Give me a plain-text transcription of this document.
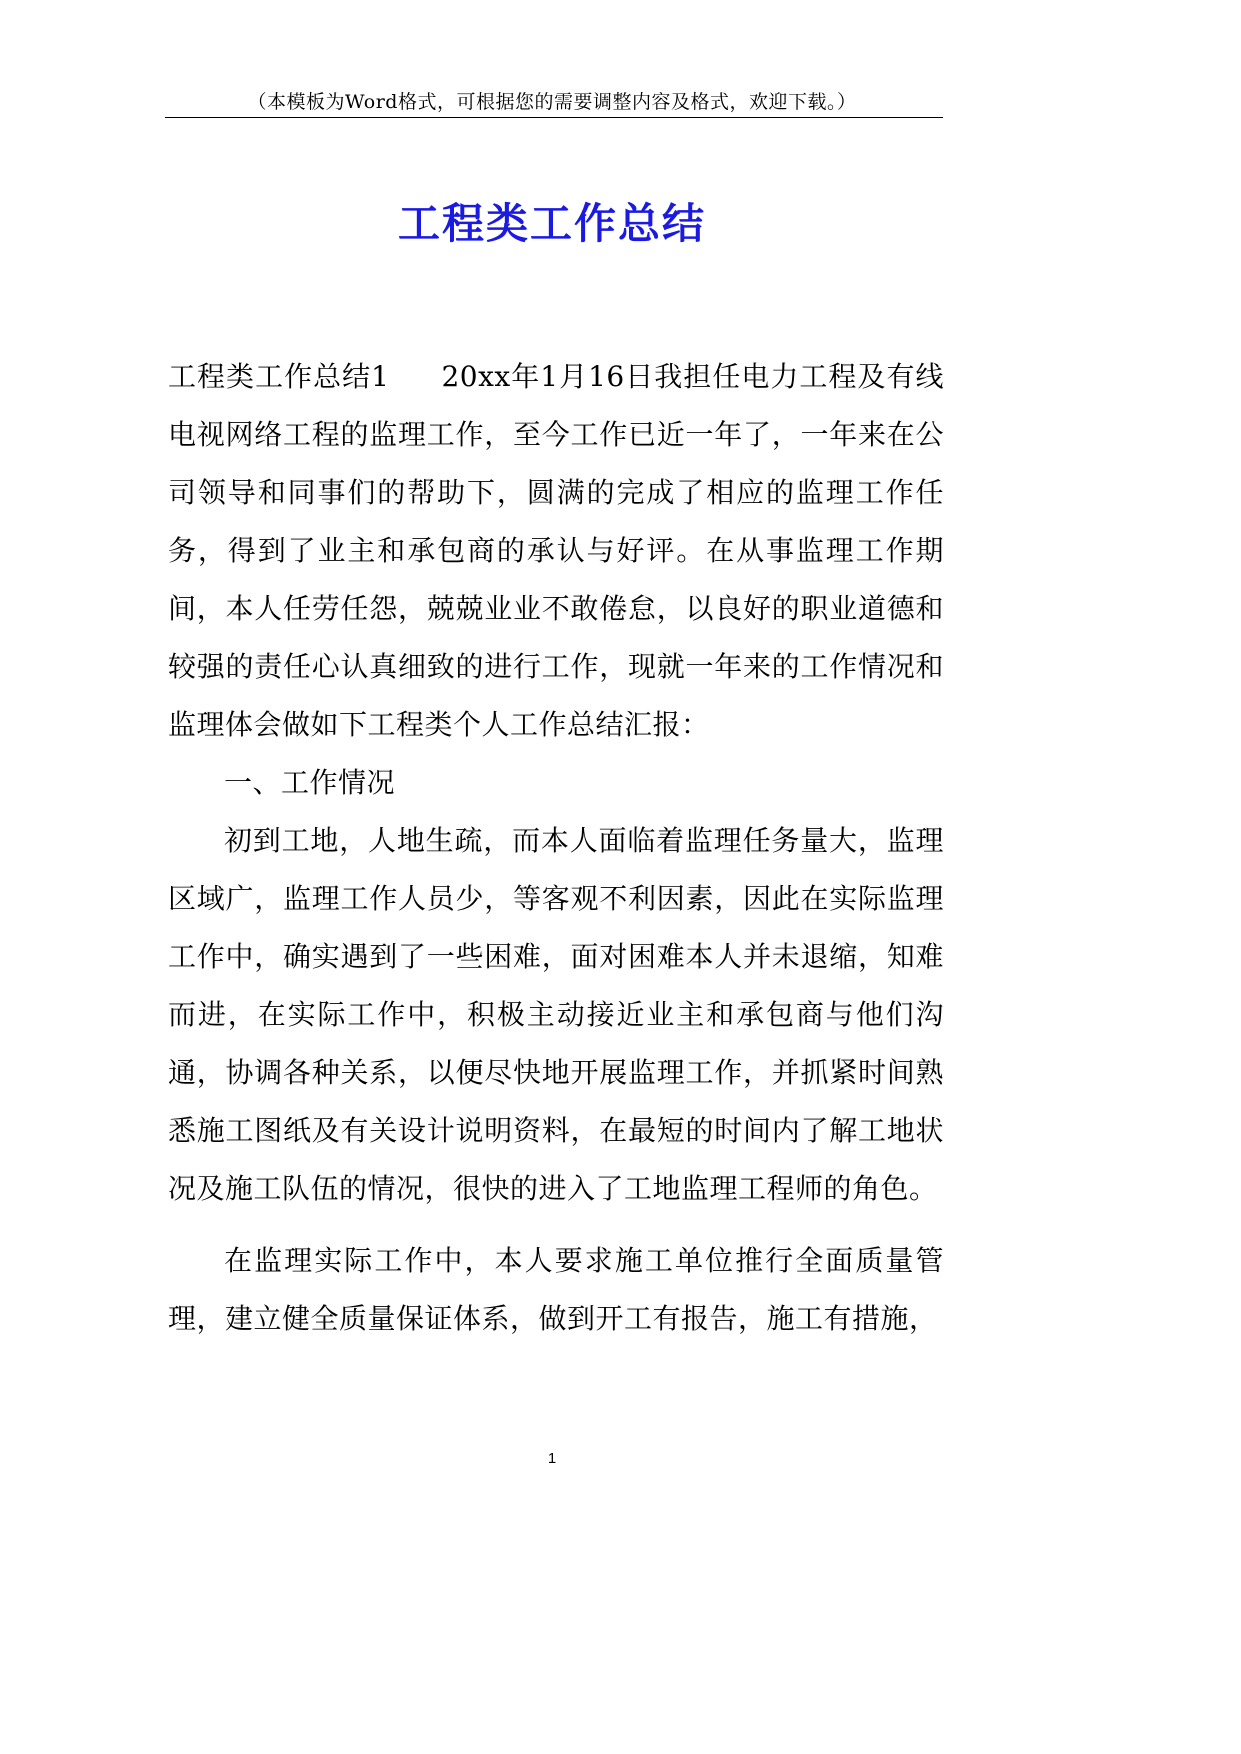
（本模板为Word格式，可根据您的需要调整内容及格式，欢迎下载。）
工程类工作总结

工程类工作总结1 20xx年1月16日我担任电力工程及有线电视网络工程的监理工作，至今工作已近一年了，一年来在公司领导和同事们的帮助下，圆满的完成了相应的监理工作任务，得到了业主和承包商的承认与好评。在从事监理工作期间，本人任劳任怨，兢兢业业不敢倦怠，以良好的职业道德和较强的责任心认真细致的进行工作，现就一年来的工作情况和监理体会做如下工程类个人工作总结汇报：

一、工作情况

初到工地，人地生疏，而本人面临着监理任务量大，监理区域广，监理工作人员少，等客观不利因素，因此在实际监理工作中，确实遇到了一些困难，面对困难本人并未退缩，知难而进，在实际工作中，积极主动接近业主和承包商与他们沟通，协调各种关系，以便尽快地开展监理工作，并抓紧时间熟悉施工图纸及有关设计说明资料，在最短的时间内了解工地状况及施工队伍的情况，很快的进入了工地监理工程师的角色。

在监理实际工作中，本人要求施工单位推行全面质量管理，建立健全质量保证体系，做到开工有报告，施工有措施，

1
